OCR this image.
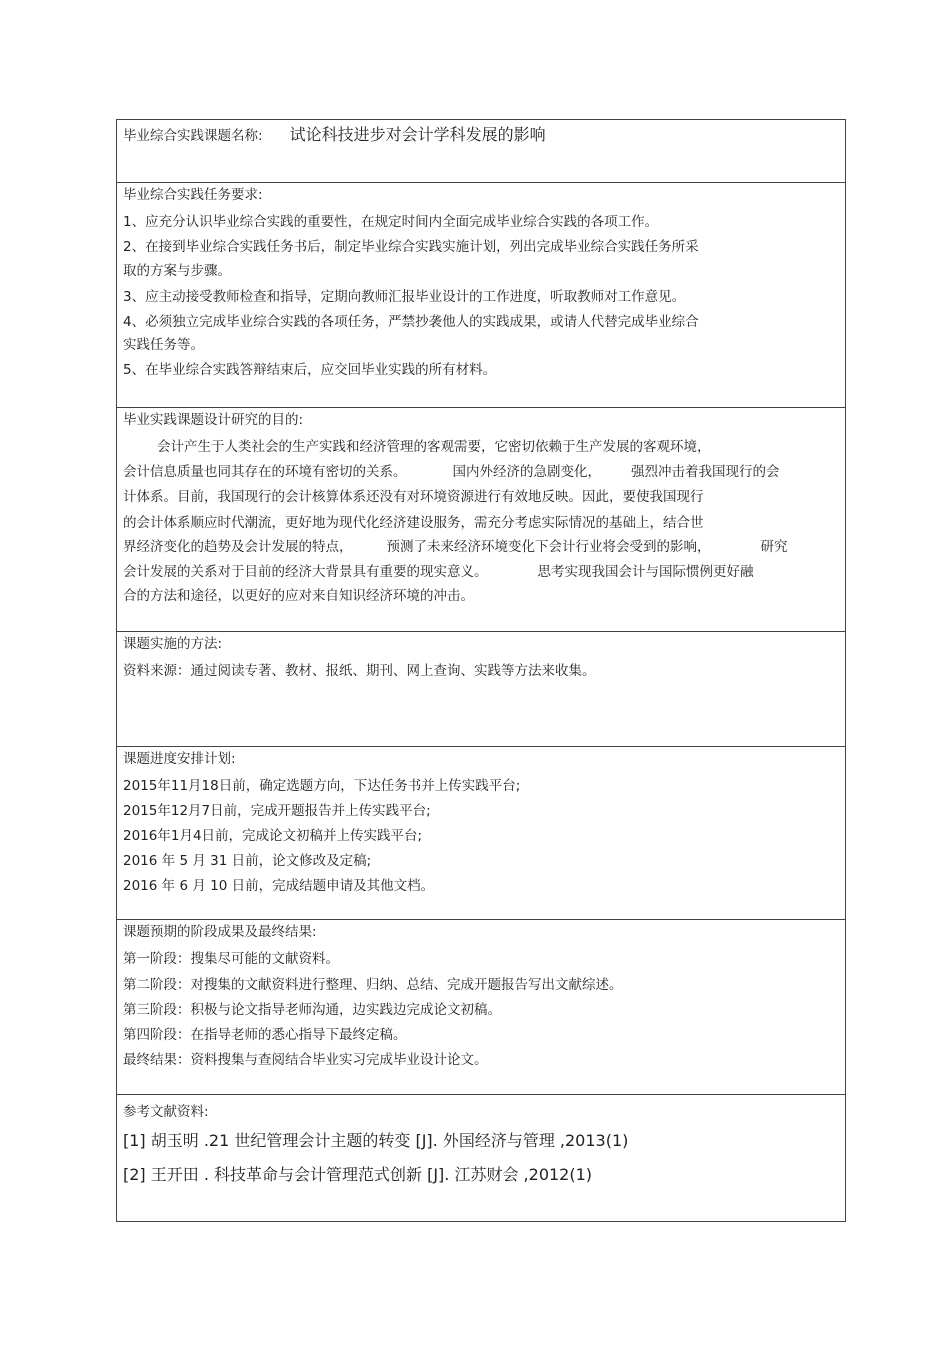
毕业综合实践课题名称: 试论科技进步对会计学科发展的影响
毕业综合实践任务要求:
1、应充分认识毕业综合实践的重要性，在规定时间内全面完成毕业综合实践的各项工作。
2、在接到毕业综合实践任务书后，制定毕业综合实践实施计划，列出完成毕业综合实践任务所采
取的方案与步骤。
3、应主动接受教师检查和指导，定期向教师汇报毕业设计的工作进度，听取教师对工作意见。
4、必须独立完成毕业综合实践的各项任务，严禁抄袭他人的实践成果，或请人代替完成毕业综合
实践任务等。
5、在毕业综合实践答辩结束后，应交回毕业实践的所有材料。
毕业实践课题设计研究的目的:
会计产生于人类社会的生产实践和经济管理的客观需要，它密切依赖于生产发展的客观环境，
会计信息质量也同其存在的环境有密切的关系。	国内外经济的急剧变化， 强烈冲击着我国现行的会
计体系。目前，我国现行的会计核算体系还没有对环境资源进行有效地反映。因此，要使我国现行
的会计体系顺应时代潮流，更好地为现代化经济建设服务，需充分考虑实际情况的基础上，结合世
界经济变化的趋势及会计发展的特点，	预测了未来经济环境变化下会计行业将会受到的影响，	研究
会计发展的关系对于目前的经济大背景具有重要的现实意义。	思考实现我国会计与国际惯例更好融
合的方法和途径，以更好的应对来自知识经济环境的冲击。
课题实施的方法:
资料来源：通过阅读专著、教材、报纸、期刊、网上查询、实践等方法来收集。
课题进度安排计划:
2015年11月18日前，确定选题方向，下达任务书并上传实践平台;
2015年12月7日前，完成开题报告并上传实践平台;
2016年1月4日前，完成论文初稿并上传实践平台;
2016 年 5 月 31 日前，论文修改及定稿;
2016 年 6 月 10 日前，完成结题申请及其他文档。
课题预期的阶段成果及最终结果:
第一阶段：搜集尽可能的文献资料。
第二阶段：对搜集的文献资料进行整理、归纳、总结、完成开题报告写出文献综述。
第三阶段：积极与论文指导老师沟通，边实践边完成论文初稿。
第四阶段：在指导老师的悉心指导下最终定稿。
最终结果：资料搜集与查阅结合毕业实习完成毕业设计论文。
参考文献资料:
[1] 胡玉明 .21 世纪管理会计主题的转变 [J]. 外国经济与管理 ,2013(1)
[2] 王开田 . 科技革命与会计管理范式创新 [J]. 江苏财会 ,2012(1)
